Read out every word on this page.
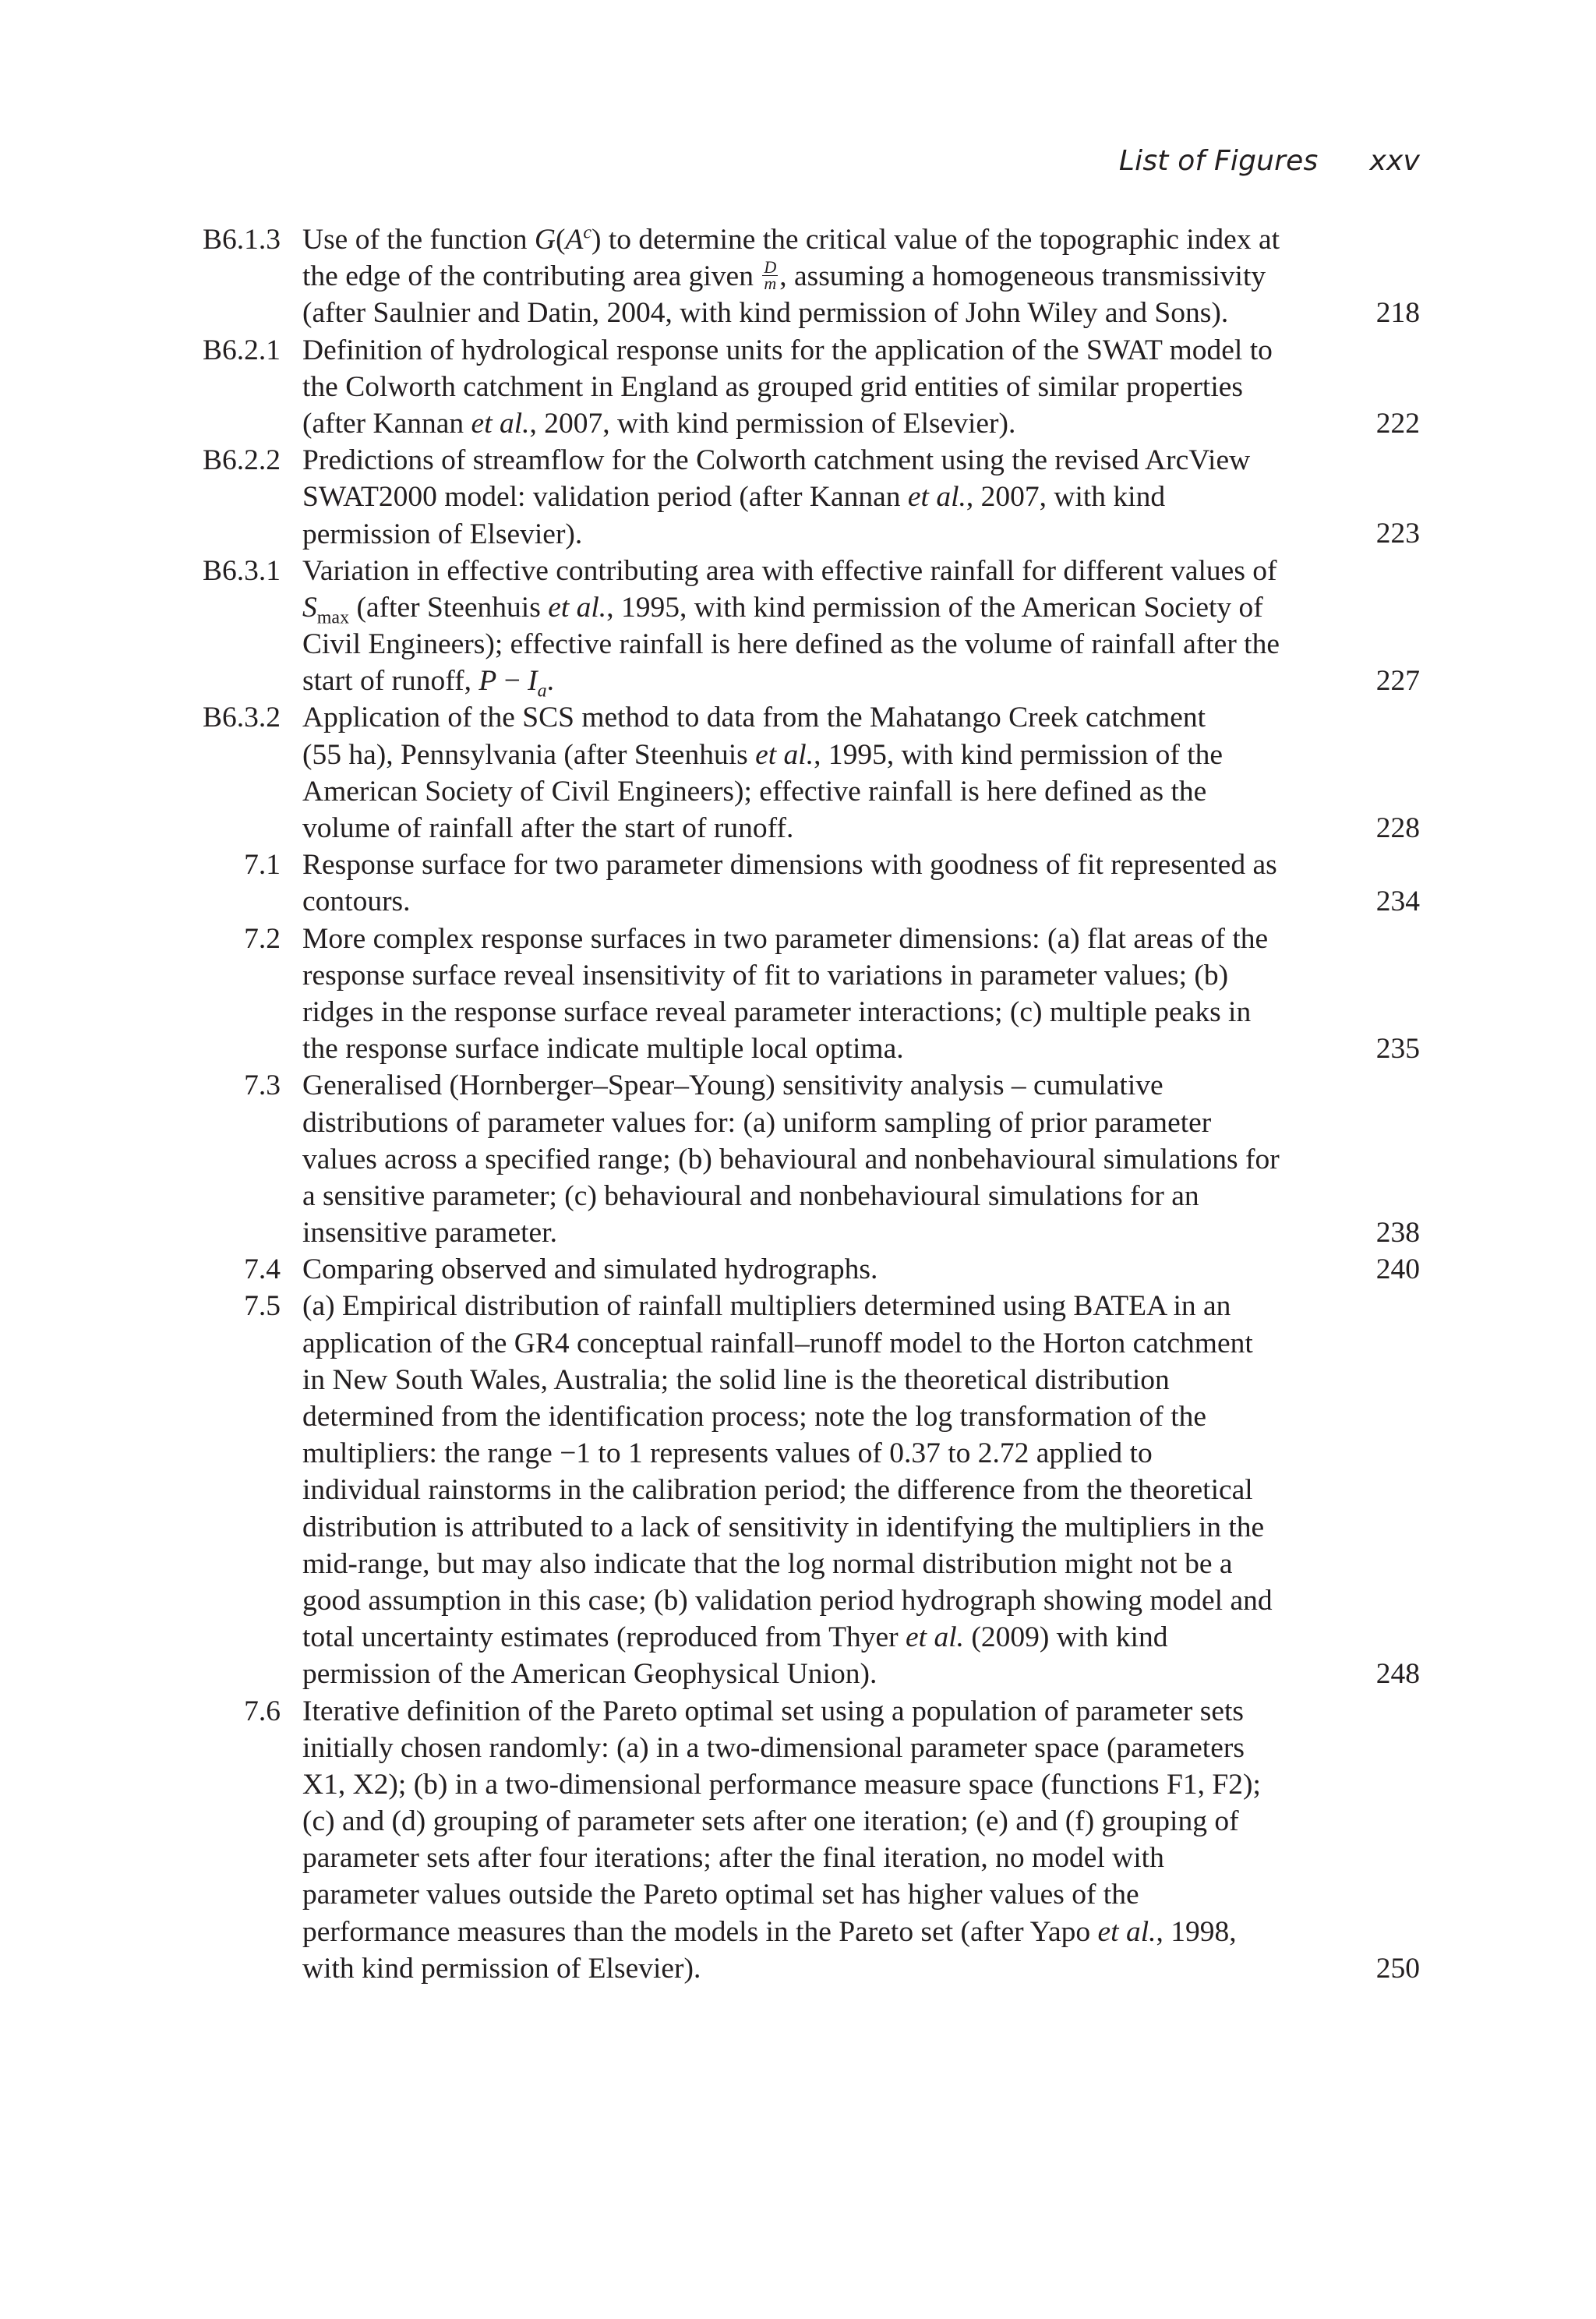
List of Figures xxv
B6.1.3 Use of the function $G(A^c)$ to determine the critical value of the topographic index at
the edge of the contributing area given $\frac{D}{m}$ , assuming a homogeneous transmissivity
(after Saulnier and Datin, 2004, with kind permission of John Wiley and Sons).	218
B6.2.1 Definition of hydrological response units for the application of the SWAT model to
the Colworth catchment in England as grouped grid entities of similar properties
(after Kannan et al., 2007, with kind permission of Elsevier).	222
B6.2.2 Predictions of streamflow for the Colworth catchment using the revised ArcView
SWAT2000 model: validation period (after Kannan et al., 2007, with kind
permission of Elsevier).	223
B6.3.1 Variation in effective contributing area with effective rainfall for different values of
$S_{max}$ (after Steenhuis et al., 1995, with kind permission of the American Society of
Civil Engineers); effective rainfall is here defined as the volume of rainfall after the
start of runoff, $P - I_a$.	227
B6.3.2 Application of the SCS method to data from the Mahatango Creek catchment
(55 ha), Pennsylvania (after Steenhuis et al., 1995, with kind permission of the
American Society of Civil Engineers); effective rainfall is here defined as the
volume of rainfall after the start of runoff.	228
7.1 Response surface for two parameter dimensions with goodness of fit represented as
contours.	234
7.2 More complex response surfaces in two parameter dimensions: (a) flat areas of the
response surface reveal insensitivity of fit to variations in parameter values; (b)
ridges in the response surface reveal parameter interactions; (c) multiple peaks in
the response surface indicate multiple local optima.	235
7.3 Generalised (Hornberger–Spear–Young) sensitivity analysis – cumulative
distributions of parameter values for: (a) uniform sampling of prior parameter
values across a specified range; (b) behavioural and nonbehavioural simulations for
a sensitive parameter; (c) behavioural and nonbehavioural simulations for an
insensitive parameter.	238
7.4 Comparing observed and simulated hydrographs.	240
7.5 (a) Empirical distribution of rainfall multipliers determined using BATEA in an
application of the GR4 conceptual rainfall–runoff model to the Horton catchment
in New South Wales, Australia; the solid line is the theoretical distribution
determined from the identification process; note the log transformation of the
multipliers: the range −1 to 1 represents values of 0.37 to 2.72 applied to
individual rainstorms in the calibration period; the difference from the theoretical
distribution is attributed to a lack of sensitivity in identifying the multipliers in the
mid-range, but may also indicate that the log normal distribution might not be a
good assumption in this case; (b) validation period hydrograph showing model and
total uncertainty estimates (reproduced from Thyer et al. (2009) with kind
permission of the American Geophysical Union).	248
7.6 Iterative definition of the Pareto optimal set using a population of parameter sets
initially chosen randomly: (a) in a two-dimensional parameter space (parameters
X1, X2); (b) in a two-dimensional performance measure space (functions F1, F2);
(c) and (d) grouping of parameter sets after one iteration; (e) and (f) grouping of
parameter sets after four iterations; after the final iteration, no model with
parameter values outside the Pareto optimal set has higher values of the
performance measures than the models in the Pareto set (after Yapo et al., 1998,
with kind permission of Elsevier).	250
